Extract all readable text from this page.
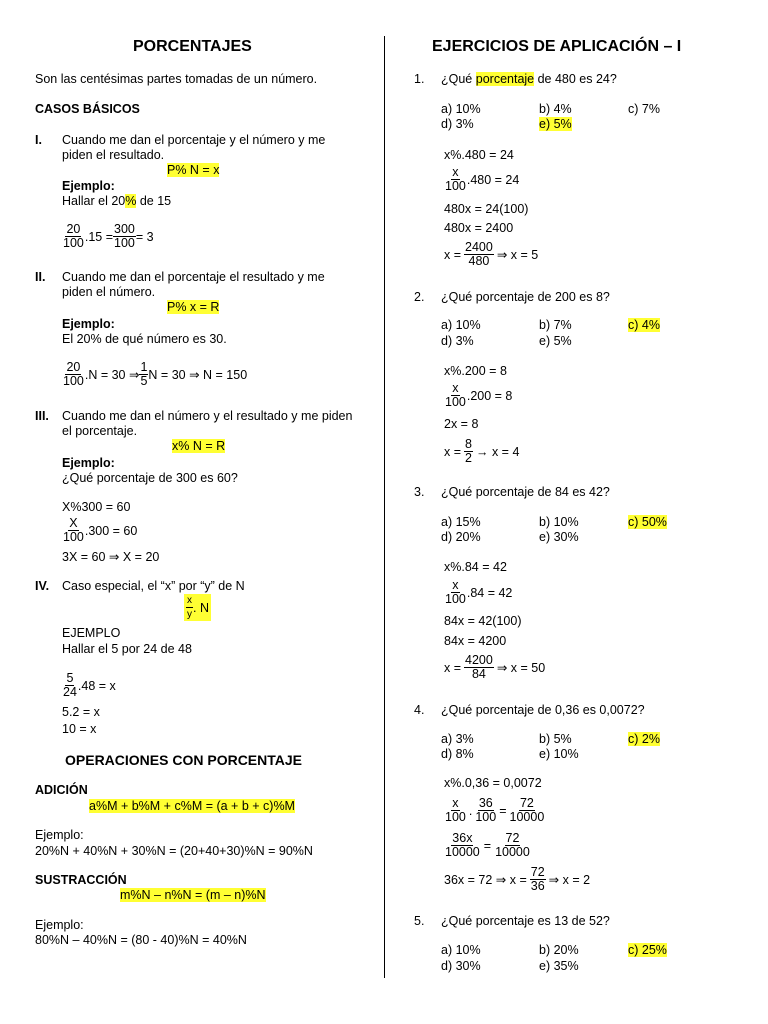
PORCENTAJES
Son las centésimas partes tomadas de un número.
CASOS BÁSICOS
I. Cuando me dan el porcentaje y el número y me
piden el resultado.
P% N = x
Ejemplo:
Hallar el 20% de 15
$\frac{20}{100} .15 = \frac{300}{100} = 3$
II. Cuando me dan el porcentaje el resultado y me
piden el número.
P% x = R
Ejemplo:
El 20% de qué número es 30.
$\frac{20}{100} .N = 30$ ⇒ $\frac{1}{5}$ N = 30 ⇒ N = 150
III. Cuando me dan el número y el resultado y me piden
el porcentaje.
x% N = R
Ejemplo:
¿Qué porcentaje de 300 es 60?
X%300 = 60
$\frac{X}{100} .300 = 60$
3X = 60 ⇒ X = 20
IV. Caso especial, el “x” por “y” de N
$\frac{x}{y}$ . N
EJEMPLO
Hallar el 5 por 24 de 48
$\frac{5}{24} .48 = x$
5.2 = x
10 = x
OPERACIONES CON PORCENTAJE
ADICIÓN
a%M + b%M + c%M = (a + b + c)%M
Ejemplo:
20%N + 40%N + 30%N = (20+40+30)%N = 90%N
SUSTRACCIÓN
m%N – n%N = (m – n)%N
Ejemplo:
80%N – 40%N = (80 - 40)%N = 40%N
EJERCICIOS DE APLICACIÓN – I
1. ¿Qué porcentaje de 480 es 24?
a) 10%	b) 4%	c) 7%
d) 3%	e) 5%
x%.480 = 24
$\frac{x}{100} .480 = 24$
480x = 24(100)
480x = 2400
$x = \frac{2400}{480}$ ⇒ x = 5
2. ¿Qué porcentaje de 200 es 8?
a) 10%	b) 7%	c) 4%
d) 3%	e) 5%
x%.200 = 8
$\frac{x}{100} .200 = 8$
2x = 8
$x = \frac{8}{2} \to x = 4$
3. ¿Qué porcentaje de 84 es 42?
a) 15%	b) 10%	c) 50%
d) 20%	e) 30%
x%.84 = 42
$\frac{x}{100} .84 = 42$
84x = 42(100)
84x = 4200
$x = \frac{4200}{84}$ ⇒ x = 50
4. ¿Qué porcentaje de 0,36 es 0,0072?
a) 3%	b) 5%	c) 2%
d) 8%	e) 10%
x%.0,36 = 0,0072
$\frac{x}{100}$ . $\frac{36}{100} = \frac{72}{10000}$
$\frac{36x}{10000} = \frac{72}{10000}$
36x = 72 ⇒ $x = \frac{72}{36}$ ⇒ x = 2
5. ¿Qué porcentaje es 13 de 52?
a) 10%	b) 20%	c) 25%
d) 30%	e) 35%
